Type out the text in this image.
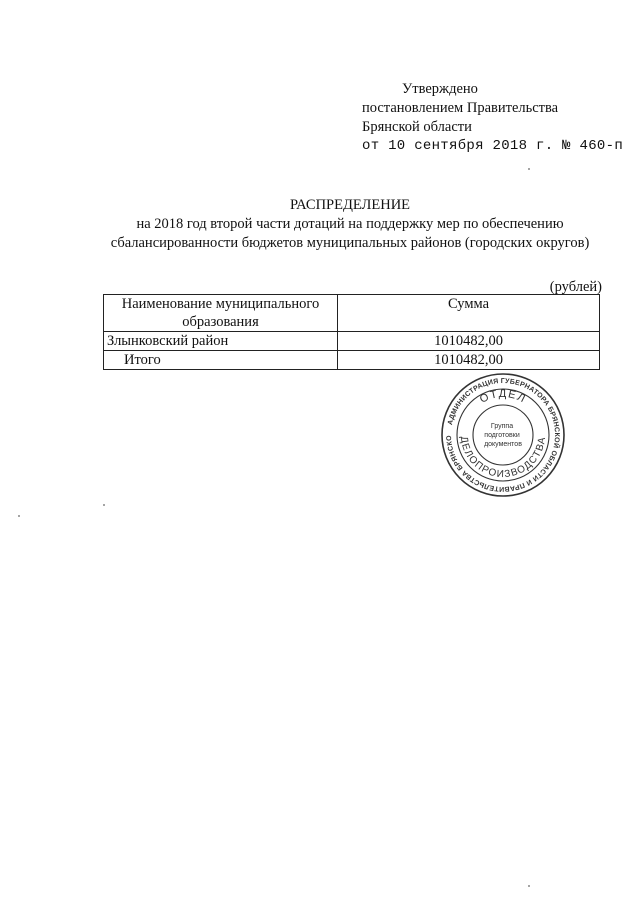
Утверждено
постановлением Правительства
Брянской области
от 10 сентября 2018 г. № 460-п
РАСПРЕДЕЛЕНИЕ
на 2018 год второй части дотаций на поддержку мер по обеспечению сбалансированности бюджетов муниципальных районов (городских округов)
(рублей)
Наименование муниципального образования	Сумма
Злынковский район	1010482,00
Итого	1010482,00
АДМИНИСТРАЦИЯ ГУБЕРНАТОРА БРЯНСКОЙ ОБЛАСТИ И ПРАВИТЕЛЬСТВА БРЯНСКО
ОТДЕЛ
ДЕЛОПРОИЗВОДСТВА
Группа подготовки документов
